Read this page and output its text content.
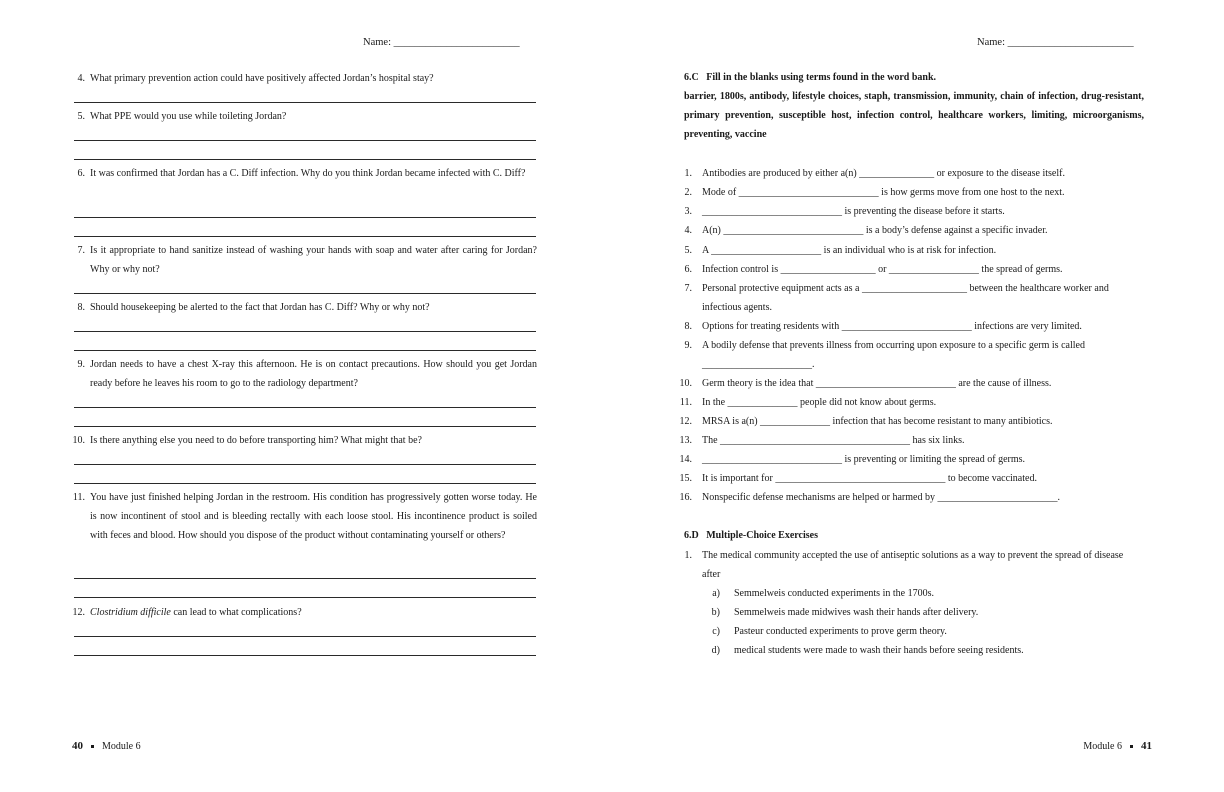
Name: ________________________
4. What primary prevention action could have positively affected Jordan’s hospital stay?
5. What PPE would you use while toileting Jordan?
6. It was confirmed that Jordan has a C. Diff infection. Why do you think Jordan became infected with C. Diff?
7. Is it appropriate to hand sanitize instead of washing your hands with soap and water after caring for Jordan? Why or why not?
8. Should housekeeping be alerted to the fact that Jordan has C. Diff? Why or why not?
9. Jordan needs to have a chest X-ray this afternoon. He is on contact precautions. How should you get Jordan ready before he leaves his room to go to the radiology department?
10. Is there anything else you need to do before transporting him? What might that be?
11. You have just finished helping Jordan in the restroom. His condition has progressively gotten worse today. He is now incontinent of stool and is bleeding rectally with each loose stool. His incontinence product is soiled with feces and blood. How should you dispose of the product without contaminating yourself or others?
12. Clostridium difficile can lead to what complications?
40 Module 6
Name: ________________________
6.C Fill in the blanks using terms found in the word bank.
barrier, 1800s, antibody, lifestyle choices, staph, transmission, immunity, chain of infection, drug-resistant, primary prevention, susceptible host, infection control, healthcare workers, limiting, microorganisms, preventing, vaccine
1. Antibodies are produced by either a(n) _______________ or exposure to the disease itself.
2. Mode of ____________________________ is how germs move from one host to the next.
3. ____________________________ is preventing the disease before it starts.
4. A(n) ____________________________ is a body’s defense against a specific invader.
5. A ______________________ is an individual who is at risk for infection.
6. Infection control is ___________________ or __________________ the spread of germs.
7. Personal protective equipment acts as a _____________________ between the healthcare worker and infectious agents.
8. Options for treating residents with __________________________ infections are very limited.
9. A bodily defense that prevents illness from occurring upon exposure to a specific germ is called ______________________.
10. Germ theory is the idea that ____________________________ are the cause of illness.
11. In the ______________ people did not know about germs.
12. MRSA is a(n) ______________ infection that has become resistant to many antibiotics.
13. The ______________________________________ has six links.
14. ____________________________ is preventing or limiting the spread of germs.
15. It is important for __________________________________ to become vaccinated.
16. Nonspecific defense mechanisms are helped or harmed by ________________________.
6.D Multiple-Choice Exercises
1. The medical community accepted the use of antiseptic solutions as a way to prevent the spread of disease after
a) Semmelweis conducted experiments in the 1700s.
b) Semmelweis made midwives wash their hands after delivery.
c) Pasteur conducted experiments to prove germ theory.
d) medical students were made to wash their hands before seeing residents.
Module 6 41
